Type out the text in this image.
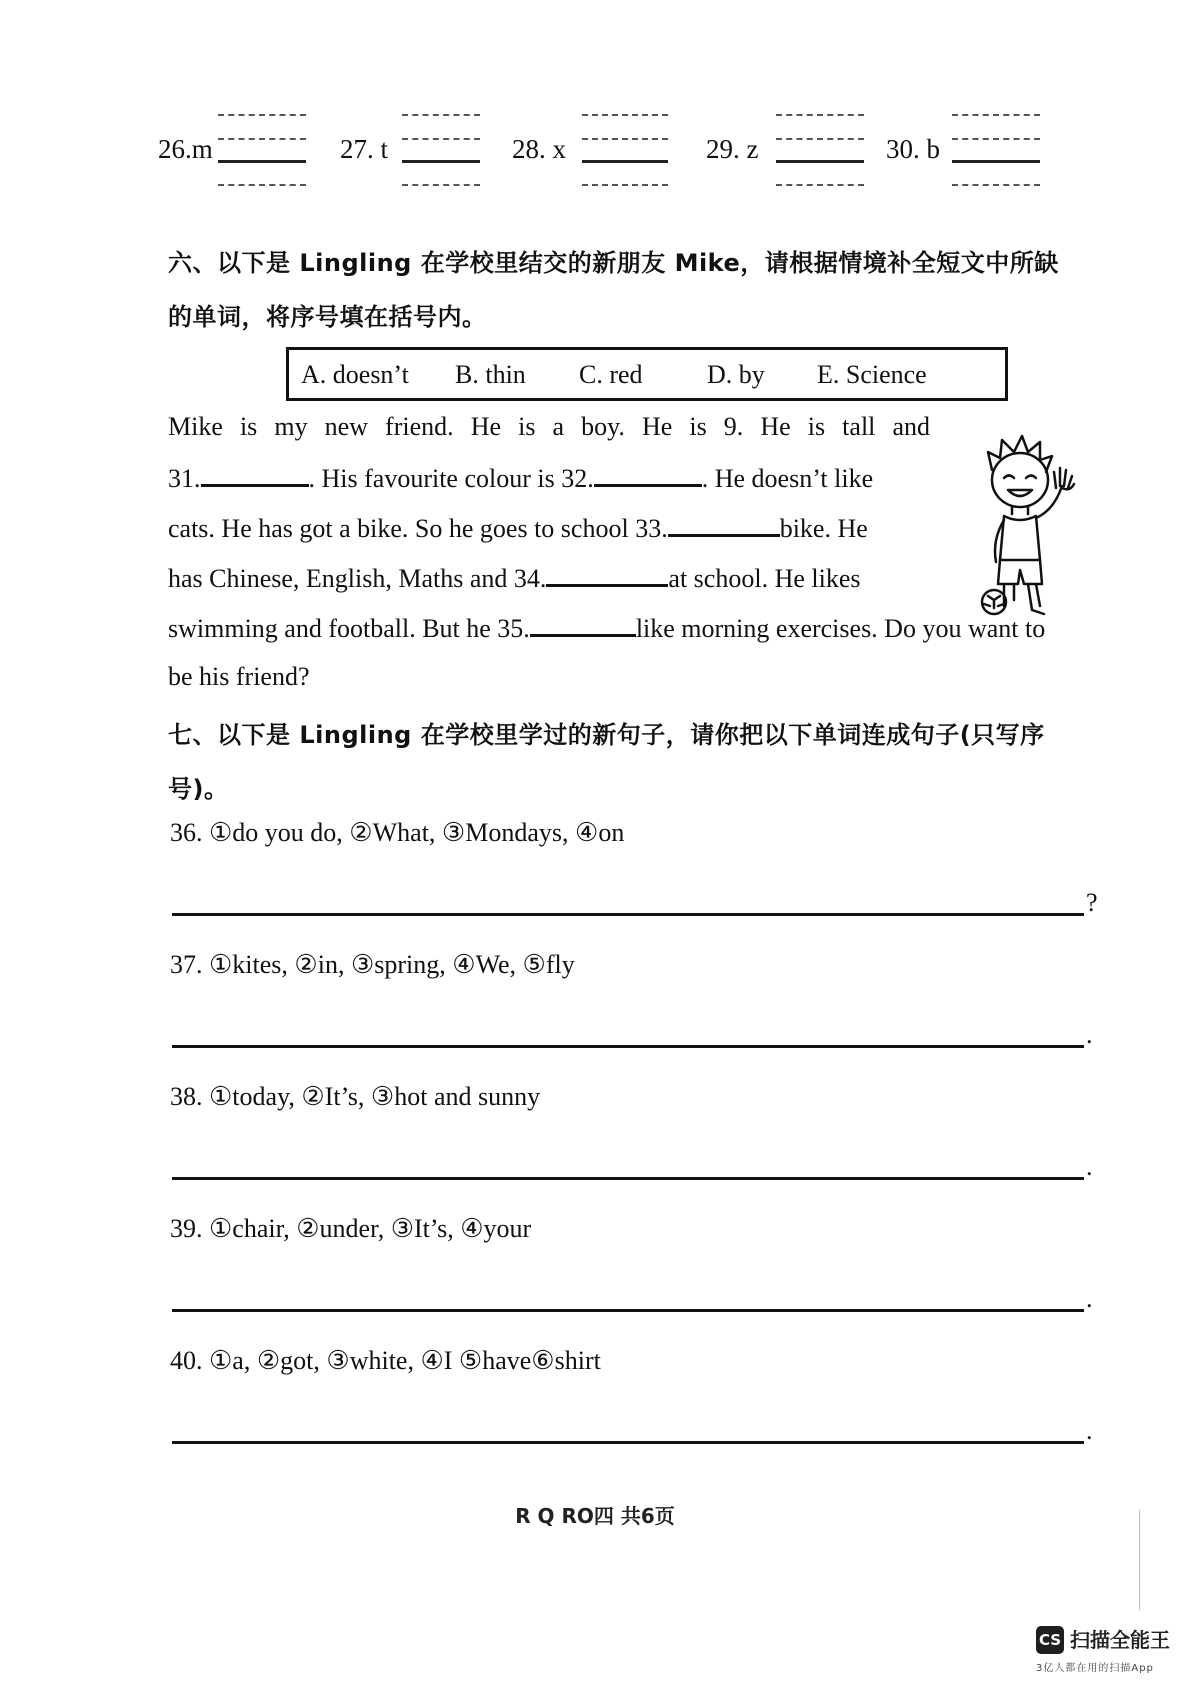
26.m	27. t	28. x	29. z	30. b
六、以下是 Lingling 在学校里结交的新朋友 Mike，请根据情境补全短文中所缺
的单词，将序号填在括号内。
A. doesn’t B. thin C. red D. by E. Science
Mike is my new friend. He is a boy. He is 9. He is tall and
31.	. His favourite colour is 32.	. He doesn’t like
cats. He has got a bike. So he goes to school 33.	bike. He
has Chinese, English, Maths and 34.	at school. He likes
swimming and football. But he 35.	like morning exercises. Do you want to
be his friend?
七、以下是 Lingling 在学校里学过的新句子，请你把以下单词连成句子(只写序
号)。
36. ①do you do, ②What, ③Mondays, ④on
?
37. ①kites, ②in, ③spring, ④We, ⑤fly
.
38. ①today, ②It’s, ③hot and sunny
.
39. ①chair, ②under, ③It’s, ④your
.
40. ①a, ②got, ③white, ④I ⑤have⑥shirt
.
R Q RO四 共6页
CS 扫描全能王
3亿人都在用的扫描App
